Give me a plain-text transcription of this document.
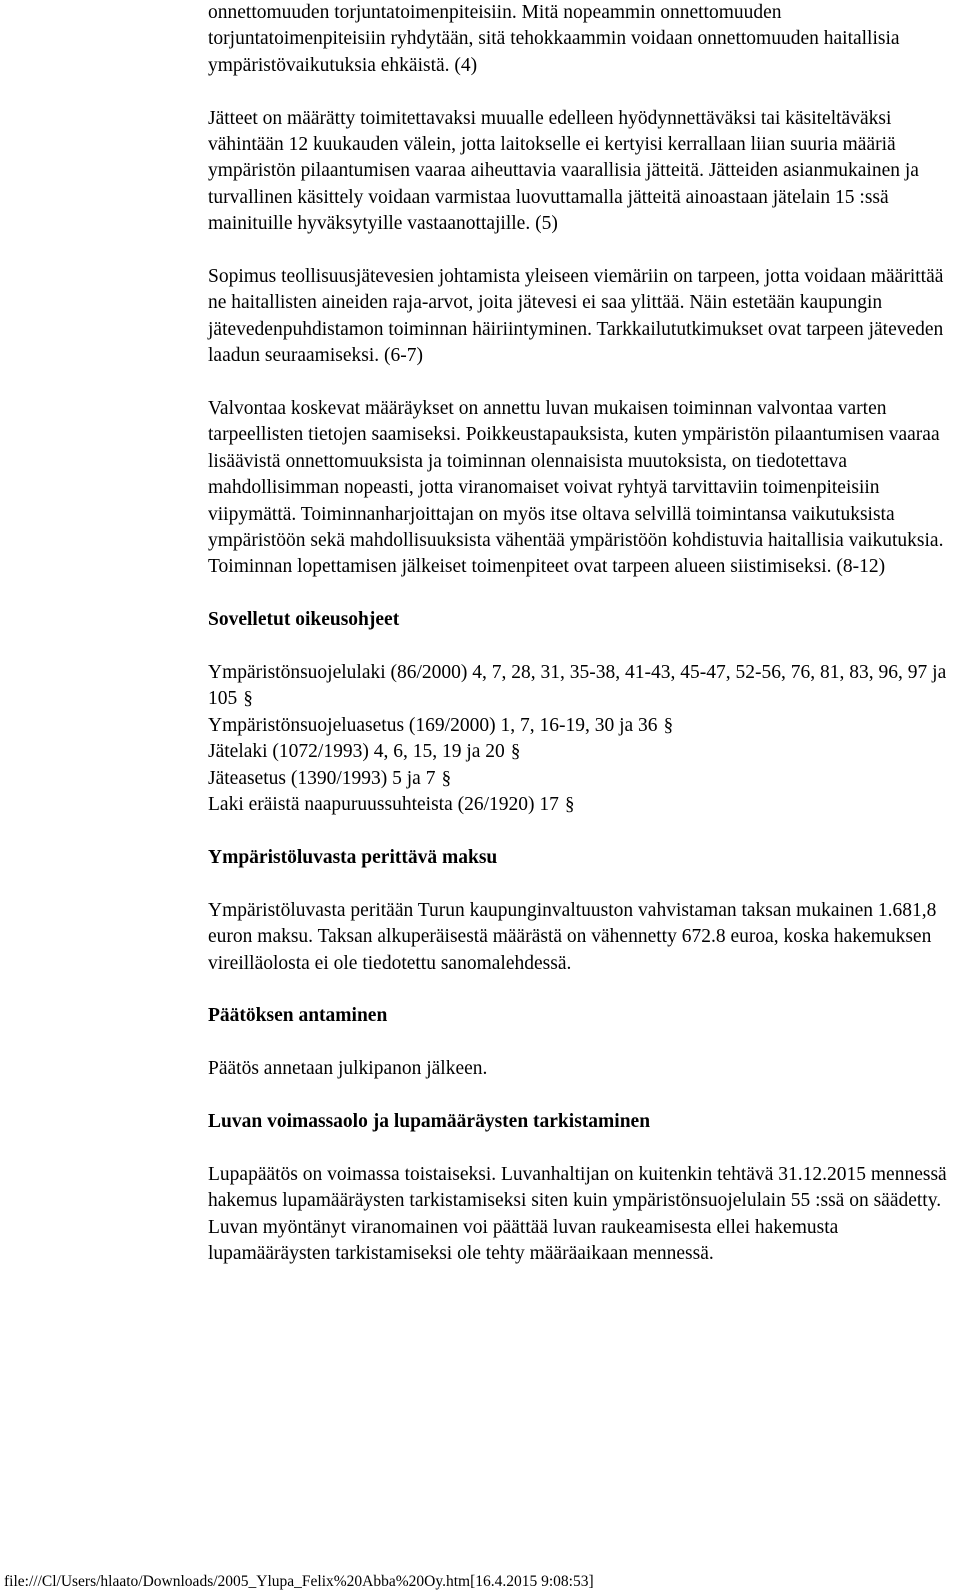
onnettomuuden torjuntatoimenpiteisiin. Mitä nopeammin onnettomuuden torjuntatoimenpiteisiin ryhdytään, sitä tehokkaammin voidaan onnettomuuden haitallisia ympäristövaikutuksia ehkäistä. (4)

Jätteet on määrätty toimitettavaksi muualle edelleen hyödynnettäväksi tai käsiteltäväksi vähintään 12 kuukauden välein, jotta laitokselle ei kertyisi kerrallaan liian suuria määriä ympäristön pilaantumisen vaaraa aiheuttavia vaarallisia jätteitä. Jätteiden asianmukainen ja turvallinen käsittely voidaan varmistaa luovuttamalla jätteitä ainoastaan jätelain 15 :ssä mainituille hyväksytyille vastaanottajille. (5)

Sopimus teollisuusjätevesien johtamista yleiseen viemäriin on tarpeen, jotta voidaan määrittää ne haitallisten aineiden raja-arvot, joita jätevesi ei saa ylittää. Näin estetään kaupungin jätevedenpuhdistamon toiminnan häiriintyminen. Tarkkailututkimukset ovat tarpeen jäteveden laadun seuraamiseksi. (6-7)

Valvontaa koskevat määräykset on annettu luvan mukaisen toiminnan valvontaa varten tarpeellisten tietojen saamiseksi. Poikkeustapauksista, kuten ympäristön pilaantumisen vaaraa lisäävistä onnettomuuksista ja toiminnan olennaisista muutoksista, on tiedotettava mahdollisimman nopeasti, jotta viranomaiset voivat ryhtyä tarvittaviin toimenpiteisiin viipymättä. Toiminnanharjoittajan on myös itse oltava selvillä toimintansa vaikutuksista ympäristöön sekä mahdollisuuksista vähentää ympäristöön kohdistuvia haitallisia vaikutuksia. Toiminnan lopettamisen jälkeiset toimenpiteet ovat tarpeen alueen siistimiseksi. (8-12)

Sovelletut oikeusohjeet

Ympäristönsuojelulaki (86/2000) 4, 7, 28, 31, 35-38, 41-43, 45-47, 52-56, 76, 81, 83, 96, 97 ja 105 §
Ympäristönsuojeluasetus (169/2000) 1, 7, 16-19, 30 ja 36 §
Jätelaki (1072/1993) 4, 6, 15, 19 ja 20 §
Jäteasetus (1390/1993) 5 ja 7 §
Laki eräistä naapuruussuhteista (26/1920) 17 §

Ympäristöluvasta perittävä maksu

Ympäristöluvasta peritään Turun kaupunginvaltuuston vahvistaman taksan mukainen 1.681,8 euron maksu. Taksan alkuperäisestä määrästä on vähennetty 672.8 euroa, koska hakemuksen vireilläolosta ei ole tiedotettu sanomalehdessä.

Päätöksen antaminen

Päätös annetaan julkipanon jälkeen.

Luvan voimassaolo ja lupamääräysten tarkistaminen

Lupapäätös on voimassa toistaiseksi. Luvanhaltijan on kuitenkin tehtävä 31.12.2015 mennessä hakemus lupamääräysten tarkistamiseksi siten kuin ympäristönsuojelulain 55 :ssä on säädetty. Luvan myöntänyt viranomainen voi päättää luvan raukeamisesta ellei hakemusta lupamääräysten tarkistamiseksi ole tehty määräaikaan mennessä.

file:///Cl/Users/hlaato/Downloads/2005_Ylupa_Felix%20Abba%20Oy.htm[16.4.2015 9:08:53]
